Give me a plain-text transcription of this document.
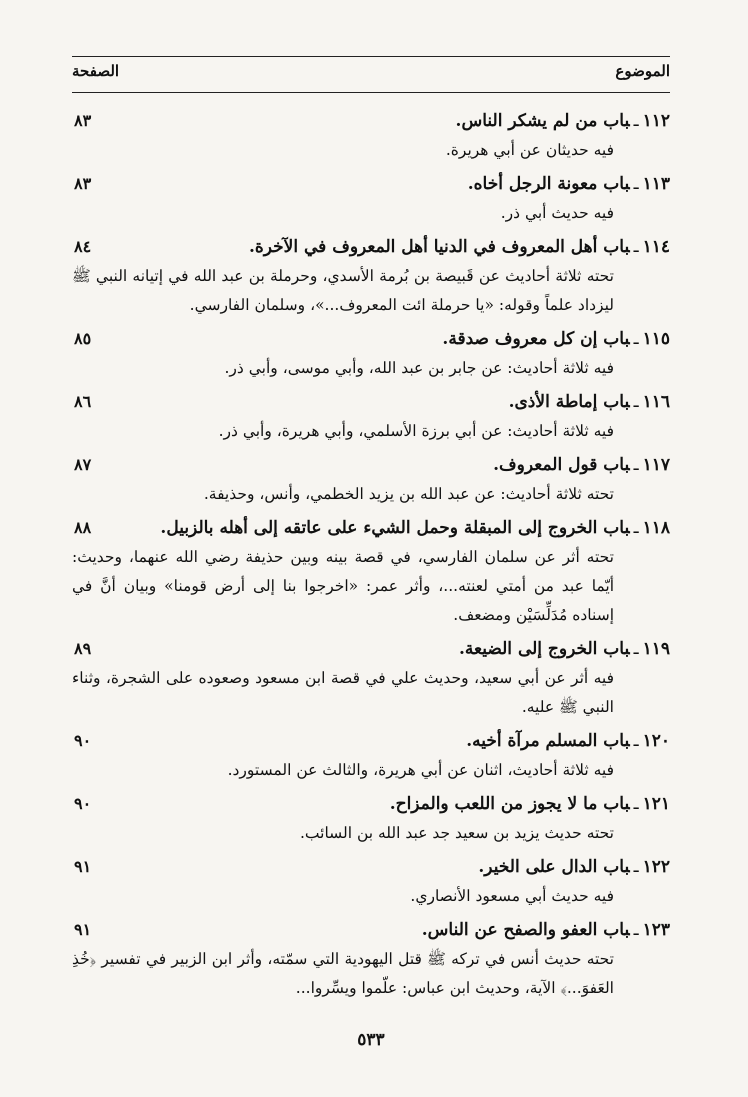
الموضوع
الصفحة
١١٢ـباب من لم يشكر الناس.
٨٣
فيه حديثان عن أبي هريرة.
١١٣ـباب معونة الرجل أخاه.
٨٣
فيه حديث أبي ذر.
١١٤ـباب أهل المعروف في الدنيا أهل المعروف في الآخرة.
٨٤
تحته ثلاثة أحاديث عن قَبيصة بن بُرمة الأسدي، وحرملة بن عبد الله في إتيانه النبي ﷺ ليزداد علماً وقوله: «يا حرملة ائت المعروف...»، وسلمان الفارسي.
١١٥ـباب إن كل معروف صدقة.
٨٥
فيه ثلاثة أحاديث: عن جابر بن عبد الله، وأبي موسى، وأبي ذر.
١١٦ـباب إماطة الأذى.
٨٦
فيه ثلاثة أحاديث: عن أبي برزة الأسلمي، وأبي هريرة، وأبي ذر.
١١٧ـباب قول المعروف.
٨٧
تحته ثلاثة أحاديث: عن عبد الله بن يزيد الخطمي، وأنس، وحذيفة.
١١٨ـباب الخروج إلى المبقلة وحمل الشيء على عاتقه إلى أهله بالزبيل.
٨٨
تحته أثر عن سلمان الفارسي، في قصة بينه وبين حذيفة رضي الله عنهما، وحديث: أيّما عبد من أمتي لعنته...، وأثر عمر: «اخرجوا بنا إلى أرض قومنا» وبيان أنَّ في إسناده مُدَلِّسَيْن ومضعف.
١١٩ـباب الخروج إلى الضيعة.
٨٩
فيه أثر عن أبي سعيد، وحديث علي في قصة ابن مسعود وصعوده على الشجرة، وثناء النبي ﷺ عليه.
١٢٠ـباب المسلم مرآة أخيه.
٩٠
فيه ثلاثة أحاديث، اثنان عن أبي هريرة، والثالث عن المستورد.
١٢١ـباب ما لا يجوز من اللعب والمزاح.
٩٠
تحته حديث يزيد بن سعيد جد عبد الله بن السائب.
١٢٢ـباب الدال على الخير.
٩١
فيه حديث أبي مسعود الأنصاري.
١٢٣ـباب العفو والصفح عن الناس.
٩١
تحته حديث أنس في تركه ﷺ قتل اليهودية التي سمّته، وأثر ابن الزبير في تفسير ﴿خُذِ العَفوَ...﴾ الآية، وحديث ابن عباس: علّموا ويسِّروا...
٥٣٣
